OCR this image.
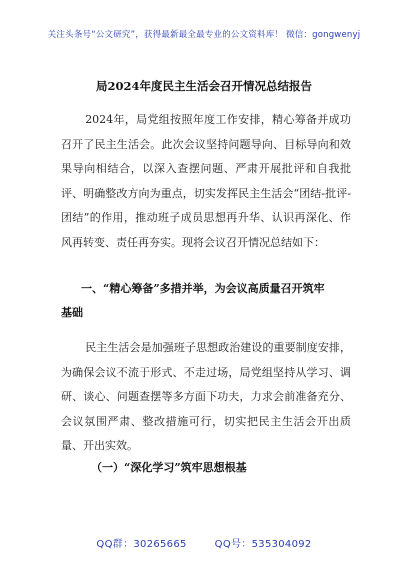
关注头条号“公文研究”，获得最新最全最专业的公文资料库！ 微信：gongwenyj
局2024年度民主生活会召开情况总结报告

2024年，局党组按照年度工作安排，精心筹备并成功召开了民主生活会。此次会议坚持问题导向、目标导向和效果导向相结合，以深入查摆问题、严肃开展批评和自我批评、明确整改方向为重点，切实发挥民主生活会“团结-批评-团结”的作用，推动班子成员思想再升华、认识再深化、作风再转变、责任再夯实。现将会议召开情况总结如下：

一、“精心筹备”多措并举，为会议高质量召开筑牢
基础

民主生活会是加强班子思想政治建设的重要制度安排，为确保会议不流于形式、不走过场，局党组坚持从学习、调研、谈心、问题查摆等多方面下功夫，力求会前准备充分、会议氛围严肃、整改措施可行，切实把民主生活会开出质量、开出实效。

（一）“深化学习”筑牢思想根基
QQ群：30265665	QQ号：535304092
